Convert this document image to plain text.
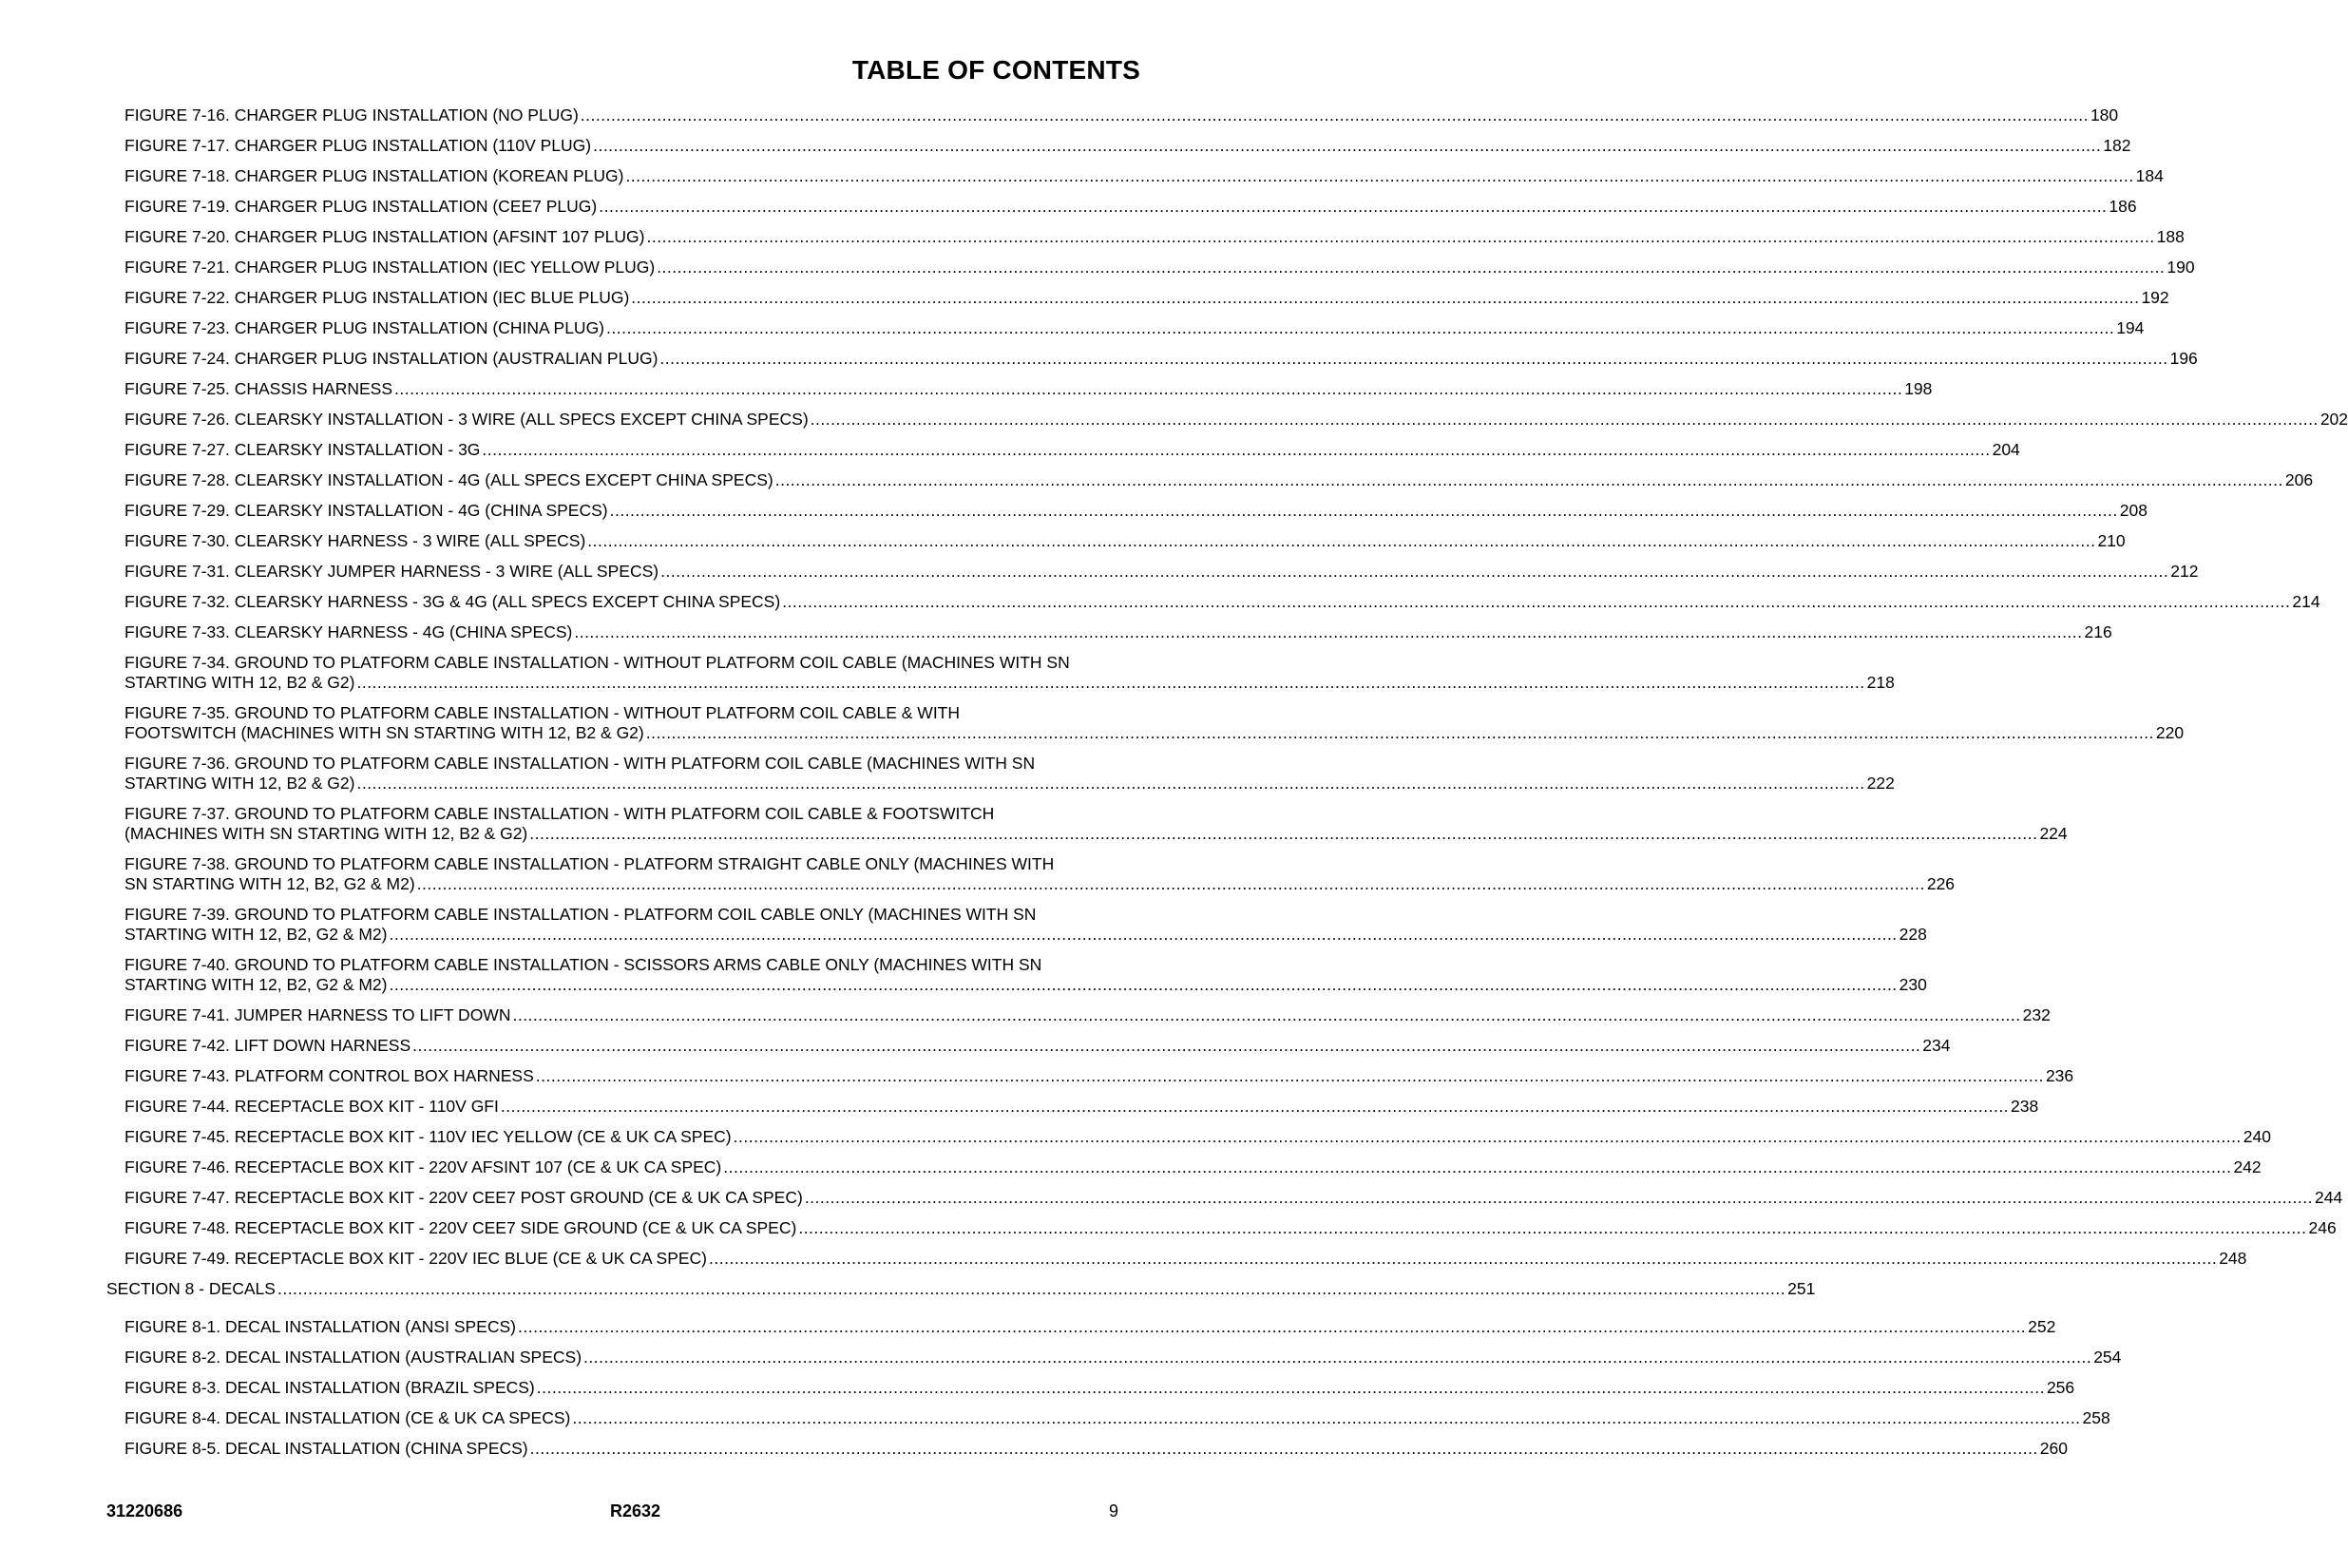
TABLE OF CONTENTS
FIGURE 7-16. CHARGER PLUG INSTALLATION (NO PLUG) .....	180
FIGURE 7-17. CHARGER PLUG INSTALLATION (110V PLUG) .....	182
FIGURE 7-18. CHARGER PLUG INSTALLATION (KOREAN PLUG) .....	184
FIGURE 7-19. CHARGER PLUG INSTALLATION (CEE7 PLUG) .....	186
FIGURE 7-20. CHARGER PLUG INSTALLATION (AFSINT 107 PLUG) .....	188
FIGURE 7-21. CHARGER PLUG INSTALLATION (IEC YELLOW PLUG) .....	190
FIGURE 7-22. CHARGER PLUG INSTALLATION (IEC BLUE PLUG) .....	192
FIGURE 7-23. CHARGER PLUG INSTALLATION (CHINA PLUG) .....	194
FIGURE 7-24. CHARGER PLUG INSTALLATION (AUSTRALIAN PLUG) .....	196
FIGURE 7-25. CHASSIS HARNESS .....	198
FIGURE 7-26. CLEARSKY INSTALLATION - 3 WIRE (ALL SPECS EXCEPT CHINA SPECS) .....	202
FIGURE 7-27. CLEARSKY INSTALLATION - 3G .....	204
FIGURE 7-28. CLEARSKY INSTALLATION - 4G (ALL SPECS EXCEPT CHINA SPECS) .....	206
FIGURE 7-29. CLEARSKY INSTALLATION - 4G (CHINA SPECS) .....	208
FIGURE 7-30. CLEARSKY HARNESS - 3 WIRE (ALL SPECS) .....	210
FIGURE 7-31. CLEARSKY JUMPER HARNESS - 3 WIRE (ALL SPECS) .....	212
FIGURE 7-32. CLEARSKY HARNESS - 3G & 4G (ALL SPECS EXCEPT CHINA SPECS) .....	214
FIGURE 7-33. CLEARSKY HARNESS - 4G (CHINA SPECS) .....	216
FIGURE 7-34. GROUND TO PLATFORM CABLE INSTALLATION - WITHOUT PLATFORM COIL CABLE (MACHINES WITH SN
STARTING WITH 12, B2 & G2) .....	218
FIGURE 7-35. GROUND TO PLATFORM CABLE INSTALLATION - WITHOUT PLATFORM COIL CABLE & WITH
FOOTSWITCH (MACHINES WITH SN STARTING WITH 12, B2 & G2) .....	220
FIGURE 7-36. GROUND TO PLATFORM CABLE INSTALLATION - WITH PLATFORM COIL CABLE (MACHINES WITH SN
STARTING WITH 12, B2 & G2) .....	222
FIGURE 7-37. GROUND TO PLATFORM CABLE INSTALLATION - WITH PLATFORM COIL CABLE & FOOTSWITCH
(MACHINES WITH SN STARTING WITH 12, B2 & G2) .....	224
FIGURE 7-38. GROUND TO PLATFORM CABLE INSTALLATION - PLATFORM STRAIGHT CABLE ONLY (MACHINES WITH
SN STARTING WITH 12, B2, G2 & M2) .....	226
FIGURE 7-39. GROUND TO PLATFORM CABLE INSTALLATION - PLATFORM COIL CABLE ONLY (MACHINES WITH SN
STARTING WITH 12, B2, G2 & M2) .....	228
FIGURE 7-40. GROUND TO PLATFORM CABLE INSTALLATION - SCISSORS ARMS CABLE ONLY (MACHINES WITH SN
STARTING WITH 12, B2, G2 & M2) .....	230
FIGURE 7-41. JUMPER HARNESS TO LIFT DOWN .....	232
FIGURE 7-42. LIFT DOWN HARNESS .....	234
FIGURE 7-43. PLATFORM CONTROL BOX HARNESS .....	236
FIGURE 7-44. RECEPTACLE BOX KIT - 110V GFI .....	238
FIGURE 7-45. RECEPTACLE BOX KIT - 110V IEC YELLOW (CE & UK CA SPEC) .....	240
FIGURE 7-46. RECEPTACLE BOX KIT - 220V AFSINT 107 (CE & UK CA SPEC) .....	242
FIGURE 7-47. RECEPTACLE BOX KIT - 220V CEE7 POST GROUND (CE & UK CA SPEC) .....	244
FIGURE 7-48. RECEPTACLE BOX KIT - 220V CEE7 SIDE GROUND (CE & UK CA SPEC) .....	246
FIGURE 7-49. RECEPTACLE BOX KIT - 220V IEC BLUE (CE & UK CA SPEC) .....	248
SECTION 8 - DECALS .....	251
FIGURE 8-1. DECAL INSTALLATION (ANSI SPECS) .....	252
FIGURE 8-2. DECAL INSTALLATION (AUSTRALIAN SPECS) .....	254
FIGURE 8-3. DECAL INSTALLATION (BRAZIL SPECS) .....	256
FIGURE 8-4. DECAL INSTALLATION (CE & UK CA SPECS) .....	258
FIGURE 8-5. DECAL INSTALLATION (CHINA SPECS) .....	260
31220686	R2632	9
